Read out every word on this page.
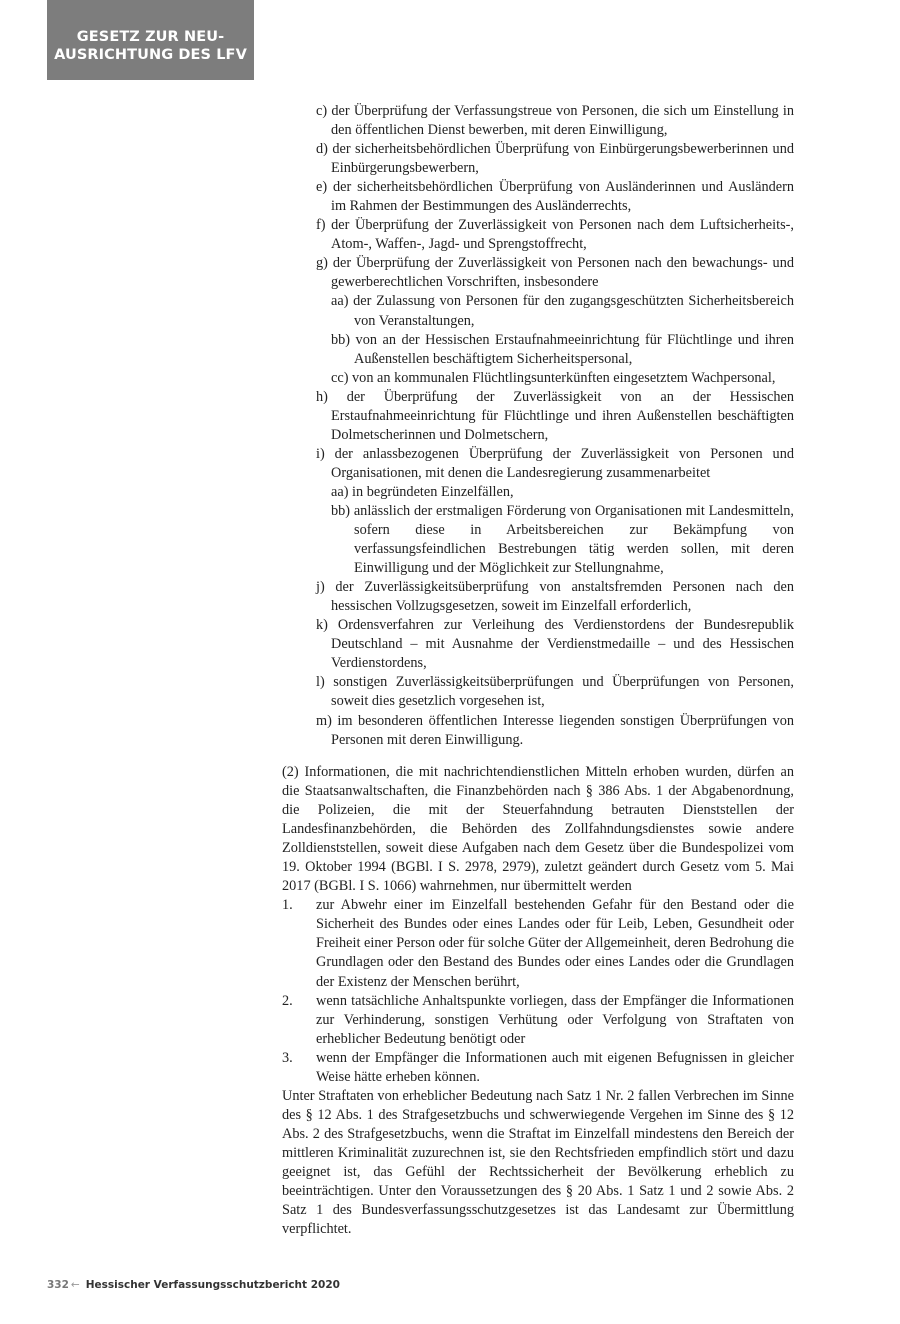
GESETZ ZUR NEU-
AUSRICHTUNG DES LFV
c) der Überprüfung der Verfassungstreue von Personen, die sich um Einstellung in den öffentlichen Dienst bewerben, mit deren Einwilligung,
d) der sicherheitsbehördlichen Überprüfung von Einbürgerungsbewerberinnen und Einbürgerungsbewerbern,
e) der sicherheitsbehördlichen Überprüfung von Ausländerinnen und Ausländern im Rahmen der Bestimmungen des Ausländerrechts,
f) der Überprüfung der Zuverlässigkeit von Personen nach dem Luftsicherheits-, Atom-, Waffen-, Jagd- und Sprengstoffrecht,
g) der Überprüfung der Zuverlässigkeit von Personen nach den bewachungs- und gewerberechtlichen Vorschriften, insbesondere
aa) der Zulassung von Personen für den zugangsgeschützten Sicherheitsbereich von Veranstaltungen,
bb) von an der Hessischen Erstaufnahmeeinrichtung für Flüchtlinge und ihren Außenstellen beschäftigtem Sicherheitspersonal,
cc) von an kommunalen Flüchtlingsunterkünften eingesetztem Wachpersonal,
h) der Überprüfung der Zuverlässigkeit von an der Hessischen Erstaufnahmeeinrichtung für Flüchtlinge und ihren Außenstellen beschäftigten Dolmetscherinnen und Dolmetschern,
i) der anlassbezogenen Überprüfung der Zuverlässigkeit von Personen und Organisationen, mit denen die Landesregierung zusammenarbeitet
aa) in begründeten Einzelfällen,
bb) anlässlich der erstmaligen Förderung von Organisationen mit Landesmitteln, sofern diese in Arbeitsbereichen zur Bekämpfung von verfassungsfeindlichen Bestrebungen tätig werden sollen, mit deren Einwilligung und der Möglichkeit zur Stellungnahme,
j) der Zuverlässigkeitsüberprüfung von anstaltsfremden Personen nach den hessischen Vollzugsgesetzen, soweit im Einzelfall erforderlich,
k) Ordensverfahren zur Verleihung des Verdienstordens der Bundesrepublik Deutschland – mit Ausnahme der Verdienstmedaille – und des Hessischen Verdienstordens,
l) sonstigen Zuverlässigkeitsüberprüfungen und Überprüfungen von Personen, soweit dies gesetzlich vorgesehen ist,
m) im besonderen öffentlichen Interesse liegenden sonstigen Überprüfungen von Personen mit deren Einwilligung.
(2) Informationen, die mit nachrichtendienstlichen Mitteln erhoben wurden, dürfen an die Staatsanwaltschaften, die Finanzbehörden nach § 386 Abs. 1 der Abgabenordnung, die Polizeien, die mit der Steuerfahndung betrauten Dienststellen der Landesfinanzbehörden, die Behörden des Zollfahndungsdienstes sowie andere Zolldienststellen, soweit diese Aufgaben nach dem Gesetz über die Bundespolizei vom 19. Oktober 1994 (BGBl. I S. 2978, 2979), zuletzt geändert durch Gesetz vom 5. Mai 2017 (BGBl. I S. 1066) wahrnehmen, nur übermittelt werden
1.	zur Abwehr einer im Einzelfall bestehenden Gefahr für den Bestand oder die Sicherheit des Bundes oder eines Landes oder für Leib, Leben, Gesundheit oder Freiheit einer Person oder für solche Güter der Allgemeinheit, deren Bedrohung die Grundlagen oder den Bestand des Bundes oder eines Landes oder die Grundlagen der Existenz der Menschen berührt,
2.	wenn tatsächliche Anhaltspunkte vorliegen, dass der Empfänger die Informationen zur Verhinderung, sonstigen Verhütung oder Verfolgung von Straftaten von erheblicher Bedeutung benötigt oder
3.	wenn der Empfänger die Informationen auch mit eigenen Befugnissen in gleicher Weise hätte erheben können.
Unter Straftaten von erheblicher Bedeutung nach Satz 1 Nr. 2 fallen Verbrechen im Sinne des § 12 Abs. 1 des Strafgesetzbuchs und schwerwiegende Vergehen im Sinne des § 12 Abs. 2 des Strafgesetzbuchs, wenn die Straftat im Einzelfall mindestens den Bereich der mittleren Kriminalität zuzurechnen ist, sie den Rechtsfrieden empfindlich stört und dazu geeignet ist, das Gefühl der Rechtssicherheit der Bevölkerung erheblich zu beeinträchtigen. Unter den Voraussetzungen des § 20 Abs. 1 Satz 1 und 2 sowie Abs. 2 Satz 1 des Bundesverfassungsschutzgesetzes ist das Landesamt zur Übermittlung verpflichtet.
332 ← Hessischer Verfassungsschutzbericht 2020
